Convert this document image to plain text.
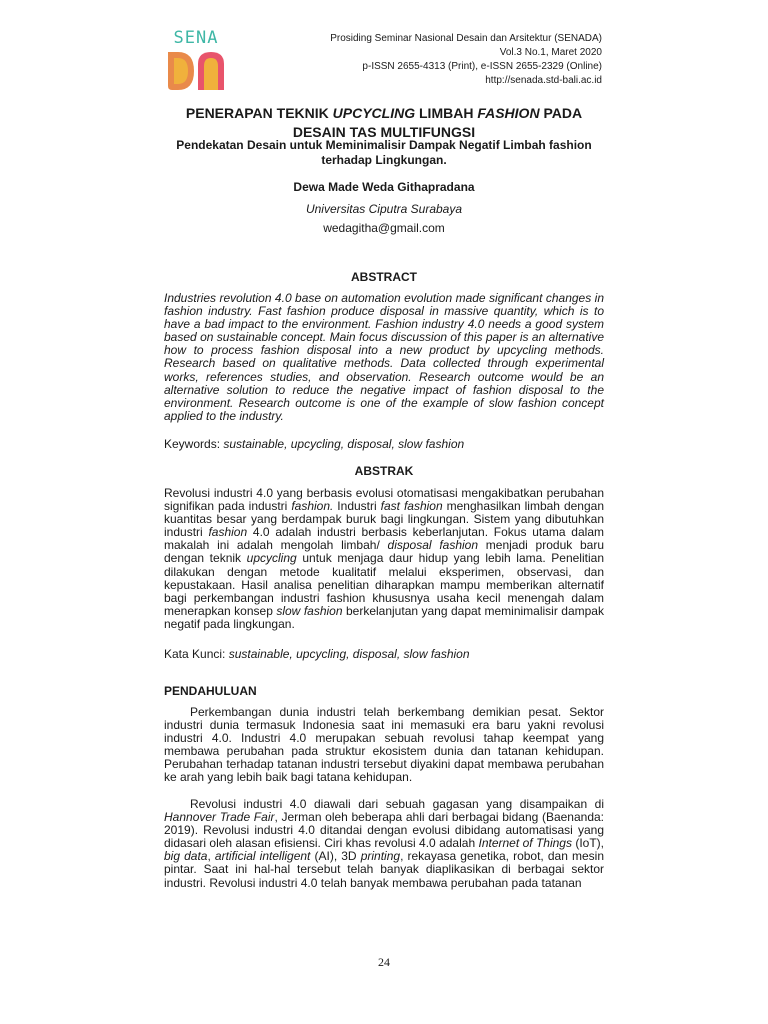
SENA	Prosiding Seminar Nasional Desain dan Arsitektur (SENADA)
Vol.3 No.1, Maret 2020
p-ISSN 2655-4313 (Print), e-ISSN 2655-2329 (Online)
http://senada.std-bali.ac.id
PENERAPAN TEKNIK UPCYCLING LIMBAH FASHION PADA
DESAIN TAS MULTIFUNGSI
Pendekatan Desain untuk Meminimalisir Dampak Negatif Limbah fashion
terhadap Lingkungan.
Dewa Made Weda Githapradana
Universitas Ciputra Surabaya
wedagitha@gmail.com
ABSTRACT
Industries revolution 4.0 base on automation evolution made significant changes in fashion industry. Fast fashion produce disposal in massive quantity, which is to have a bad impact to the environment. Fashion industry 4.0 needs a good system based on sustainable concept. Main focus discussion of this paper is an alternative how to process fashion disposal into a new product by upcycling methods. Research based on qualitative methods. Data collected through experimental works, references studies, and observation. Research outcome would be an alternative solution to reduce the negative impact of fashion disposal to the environment. Research outcome is one of the example of slow fashion concept applied to the industry.
Keywords: sustainable, upcycling, disposal, slow fashion
ABSTRAK
Revolusi industri 4.0 yang berbasis evolusi otomatisasi mengakibatkan perubahan signifikan pada industri fashion. Industri fast fashion menghasilkan limbah dengan kuantitas besar yang berdampak buruk bagi lingkungan. Sistem yang dibutuhkan industri fashion 4.0 adalah industri berbasis keberlanjutan. Fokus utama dalam makalah ini adalah mengolah limbah/ disposal fashion menjadi produk baru dengan teknik upcycling untuk menjaga daur hidup yang lebih lama. Penelitian dilakukan dengan metode kualitatif melalui eksperimen, observasi, dan kepustakaan. Hasil analisa penelitian diharapkan mampu memberikan alternatif bagi perkembangan industri fashion khususnya usaha kecil menengah dalam menerapkan konsep slow fashion berkelanjutan yang dapat meminimalisir dampak negatif pada lingkungan.
Kata Kunci: sustainable, upcycling, disposal, slow fashion
PENDAHULUAN
Perkembangan dunia industri telah berkembang demikian pesat. Sektor industri dunia termasuk Indonesia saat ini memasuki era baru yakni revolusi industri 4.0. Industri 4.0 merupakan sebuah revolusi tahap keempat yang membawa perubahan pada struktur ekosistem dunia dan tatanan kehidupan. Perubahan terhadap tatanan industri tersebut diyakini dapat membawa perubahan ke arah yang lebih baik bagi tatana kehidupan.
Revolusi industri 4.0 diawali dari sebuah gagasan yang disampaikan di Hannover Trade Fair, Jerman oleh beberapa ahli dari berbagai bidang (Baenanda: 2019). Revolusi industri 4.0 ditandai dengan evolusi dibidang automatisasi yang didasari oleh alasan efisiensi. Ciri khas revolusi 4.0 adalah Internet of Things (IoT), big data, artificial intelligent (AI), 3D printing, rekayasa genetika, robot, dan mesin pintar. Saat ini hal-hal tersebut telah banyak diaplikasikan di berbagai sektor industri. Revolusi industri 4.0 telah banyak membawa perubahan pada tatanan
24
